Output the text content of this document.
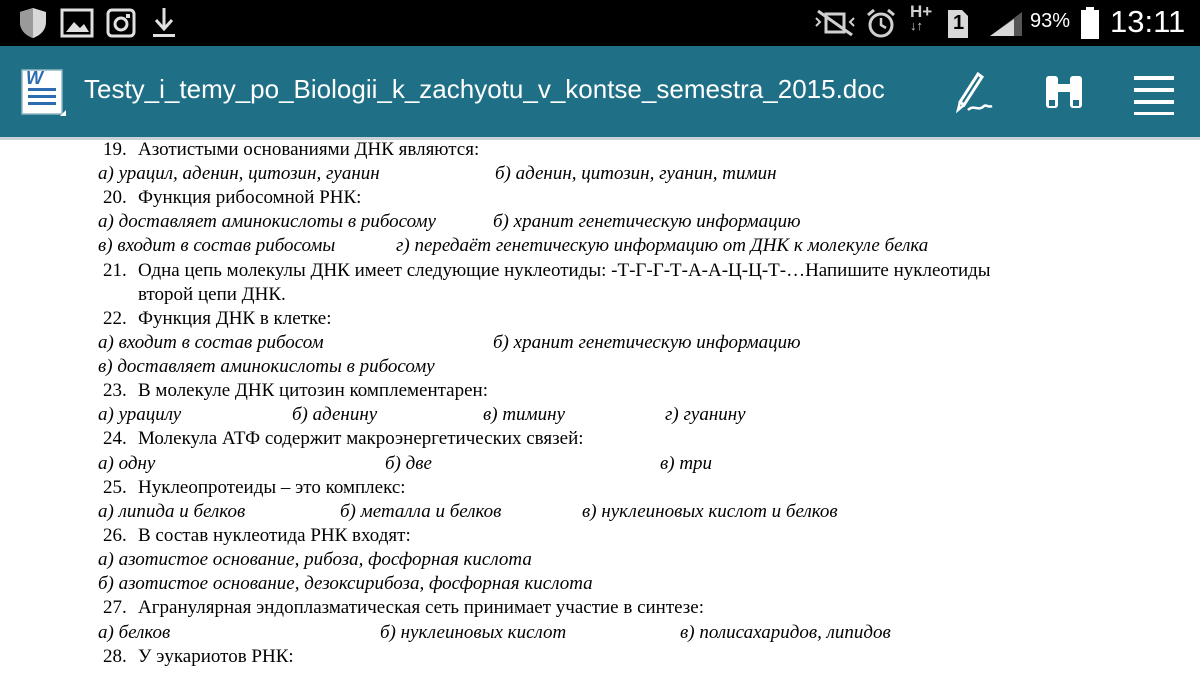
H+
↓↑	1	93% 13:11
W Testy_i_temy_po_Biologii_k_zachyotu_v_kontse_semestra_2015.doc
19. Азотистыми основаниями ДНК являются:
а) урацил, аденин, цитозин, гуанин	б) аденин, цитозин, гуанин, тимин
20. Функция рибосомной РНК:
а) доставляет аминокислоты в рибосому	б) хранит генетическую информацию
в) входит в состав рибосомы	г) передаёт генетическую информацию от ДНК к молекуле белка
21. Одна цепь молекулы ДНК имеет следующие нуклеотиды: -Т-Г-Г-Т-А-А-Ц-Ц-Т-…Напишите нуклеотиды
второй цепи ДНК.
22. Функция ДНК в клетке:
а) входит в состав рибосом	б) хранит генетическую информацию
в) доставляет аминокислоты в рибосому
23. В молекуле ДНК цитозин комплементарен:
а) урацилу	б) аденину	в) тимину	г) гуанину
24. Молекула АТФ содержит макроэнергетических связей:
а) одну	б) две	в) три
25. Нуклеопротеиды – это комплекс:
а) липида и белков	б) металла и белков	в) нуклеиновых кислот и белков
26. В состав нуклеотида РНК входят:
а) азотистое основание, рибоза, фосфорная кислота
б) азотистое основание, дезоксирибоза, фосфорная кислота
27. Агранулярная эндоплазматическая сеть принимает участие в синтезе:
а) белков	б) нуклеиновых кислот	в) полисахаридов, липидов
28. У эукариотов РНК:
